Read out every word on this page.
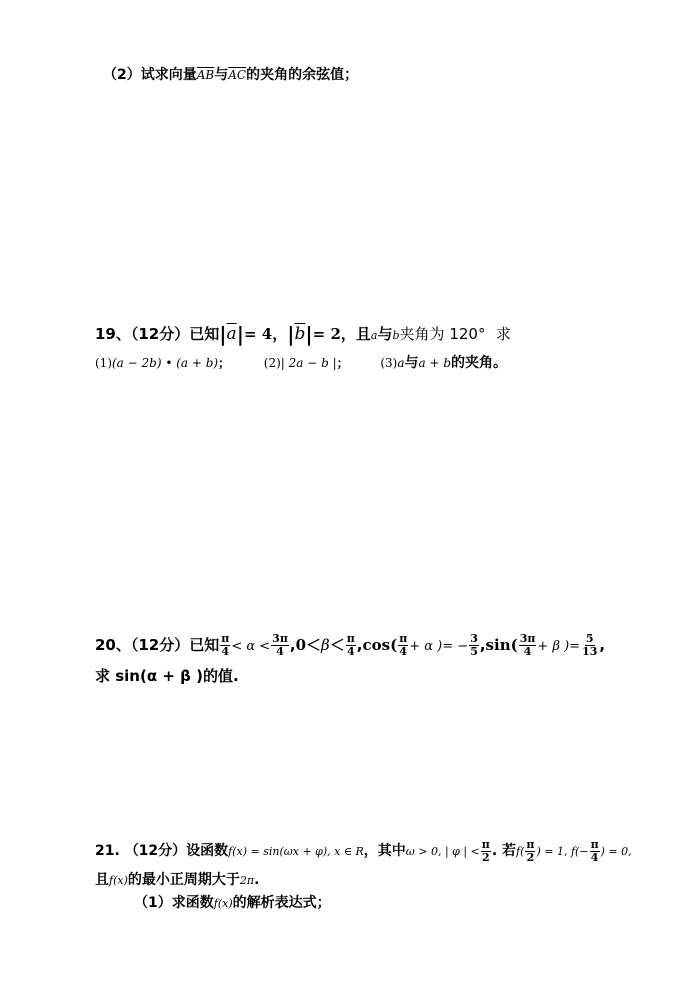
（2）试求向量$\overline{AB}$与$\overline{AC}$的夹角的余弦值；
19、（12分）已知$|\overline{a}|= 4$，$|\overline{b}|= 2$，且a与b夹角为 120° 求
(1)(a − 2b) • (a + b)；	(2)| 2a − b |；	(3)a与a + b的夹角。
20、（12分）已知 $\frac{\pi}{4} < \alpha < \frac{3\pi}{4} ,0<\beta< \frac{\pi}{4} ,\cos( \frac{\pi}{4} + \alpha$ )= − $\frac{3}{5} ,\sin( \frac{3\pi}{4} + \beta$ )= $\frac{5}{13}$ ,
求 sin(α + β )的值.
21. （12分）设函数f(x) = sin(ωx + φ), x ∈ R，其中ω > 0, | φ | < $\frac{\pi}{2}$ . 若$f( \frac{\pi}{2}$ ) = 1, $f(- \frac{\pi}{4}$ ) = 0,
且f(x)的最小正周期大于2π.
（1）求函数f(x)的解析表达式；
